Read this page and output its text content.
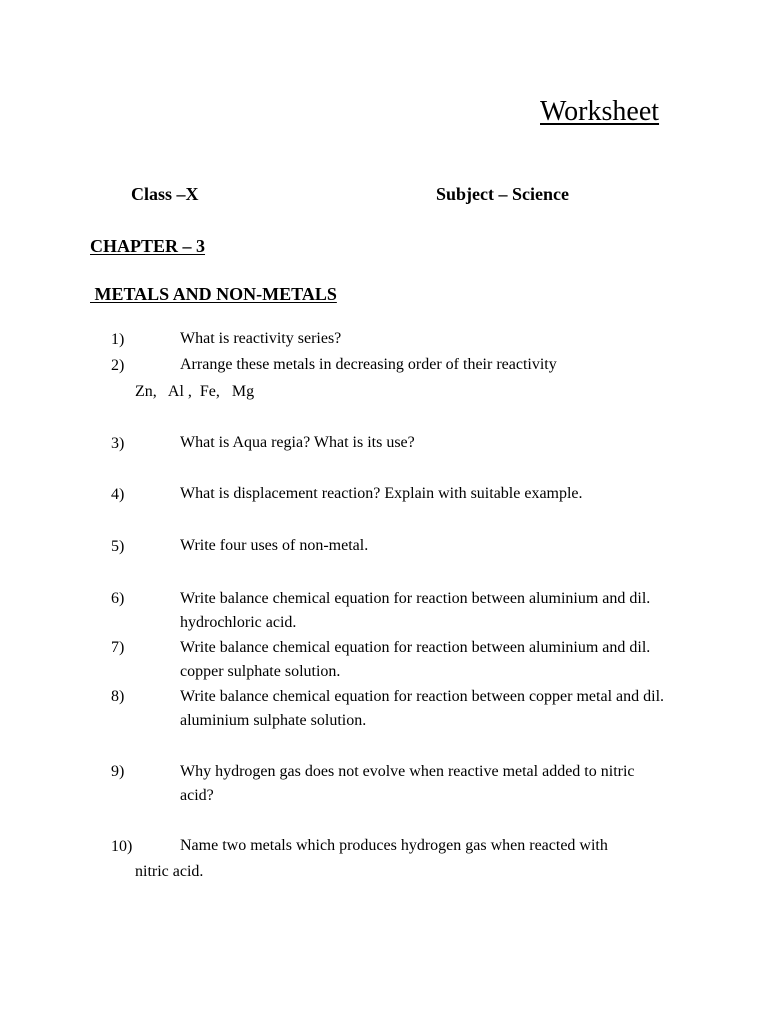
Worksheet
Class –X	Subject – Science
CHAPTER – 3
METALS AND NON-METALS
1)	What is reactivity series?
2)	Arrange these metals in decreasing order of their reactivity
Zn,   Al ,  Fe,   Mg
3)	What is Aqua regia? What is its use?
4)	What is displacement reaction? Explain with suitable example.
5)	Write four uses of non-metal.
6)	Write balance chemical equation for reaction between aluminium and dil. hydrochloric acid.
7)	Write balance chemical equation for reaction between aluminium and dil. copper sulphate solution.
8)	Write balance chemical equation for reaction between copper metal and dil. aluminium sulphate solution.
9)	Why hydrogen gas does not evolve when reactive metal added to nitric acid?
10)	Name two metals which produces hydrogen gas when reacted with
nitric acid.
